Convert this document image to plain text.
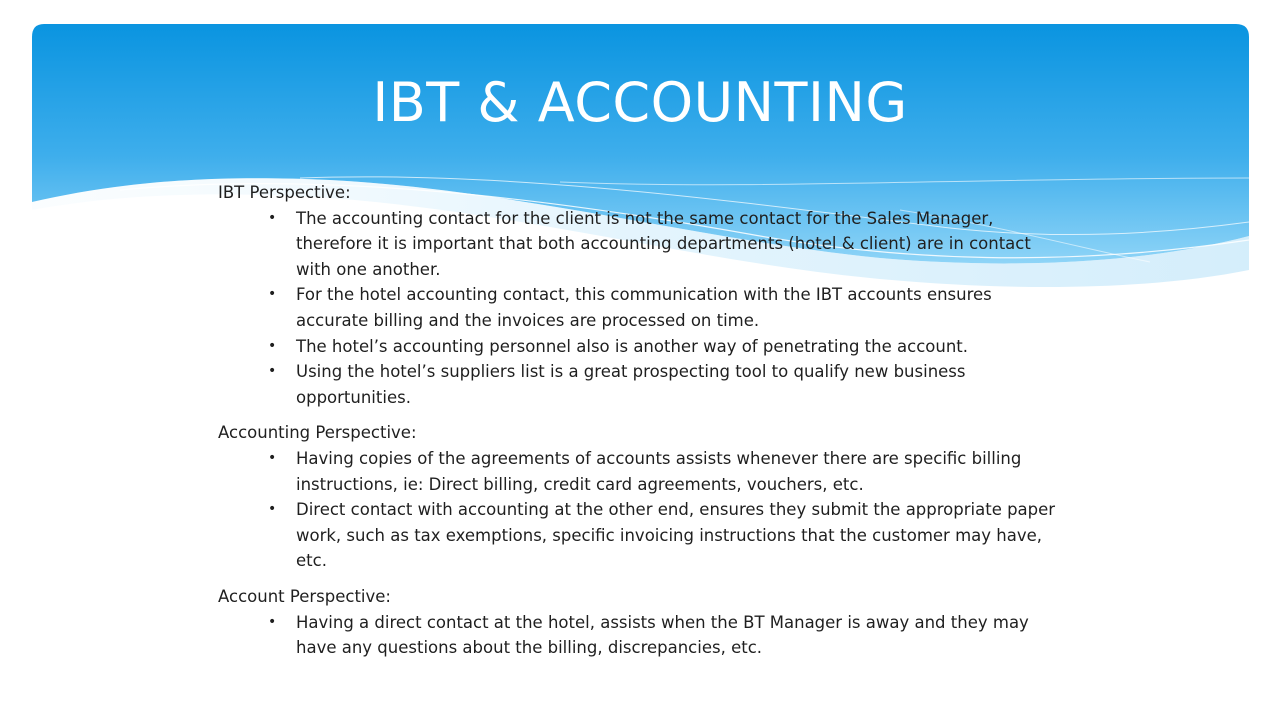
IBT & ACCOUNTING

IBT Perspective:

• The accounting contact for the client is not the same contact for the Sales Manager, therefore it is important that both accounting departments (hotel & client) are in contact with one another.
• For the hotel accounting contact, this communication with the IBT accounts ensures accurate billing and the invoices are processed on time.
• The hotel’s accounting personnel also is another way of penetrating the account.
• Using the hotel’s suppliers list is a great prospecting tool to qualify new business opportunities.

Accounting Perspective:

• Having copies of the agreements of accounts assists whenever there are specific billing instructions, ie: Direct billing, credit card agreements, vouchers, etc.
• Direct contact with accounting at the other end, ensures they submit the appropriate paper work, such as tax exemptions, specific invoicing instructions that the customer may have, etc.

Account Perspective:

• Having a direct contact at the hotel, assists when the BT Manager is away and they may have any questions about the billing, discrepancies, etc.
